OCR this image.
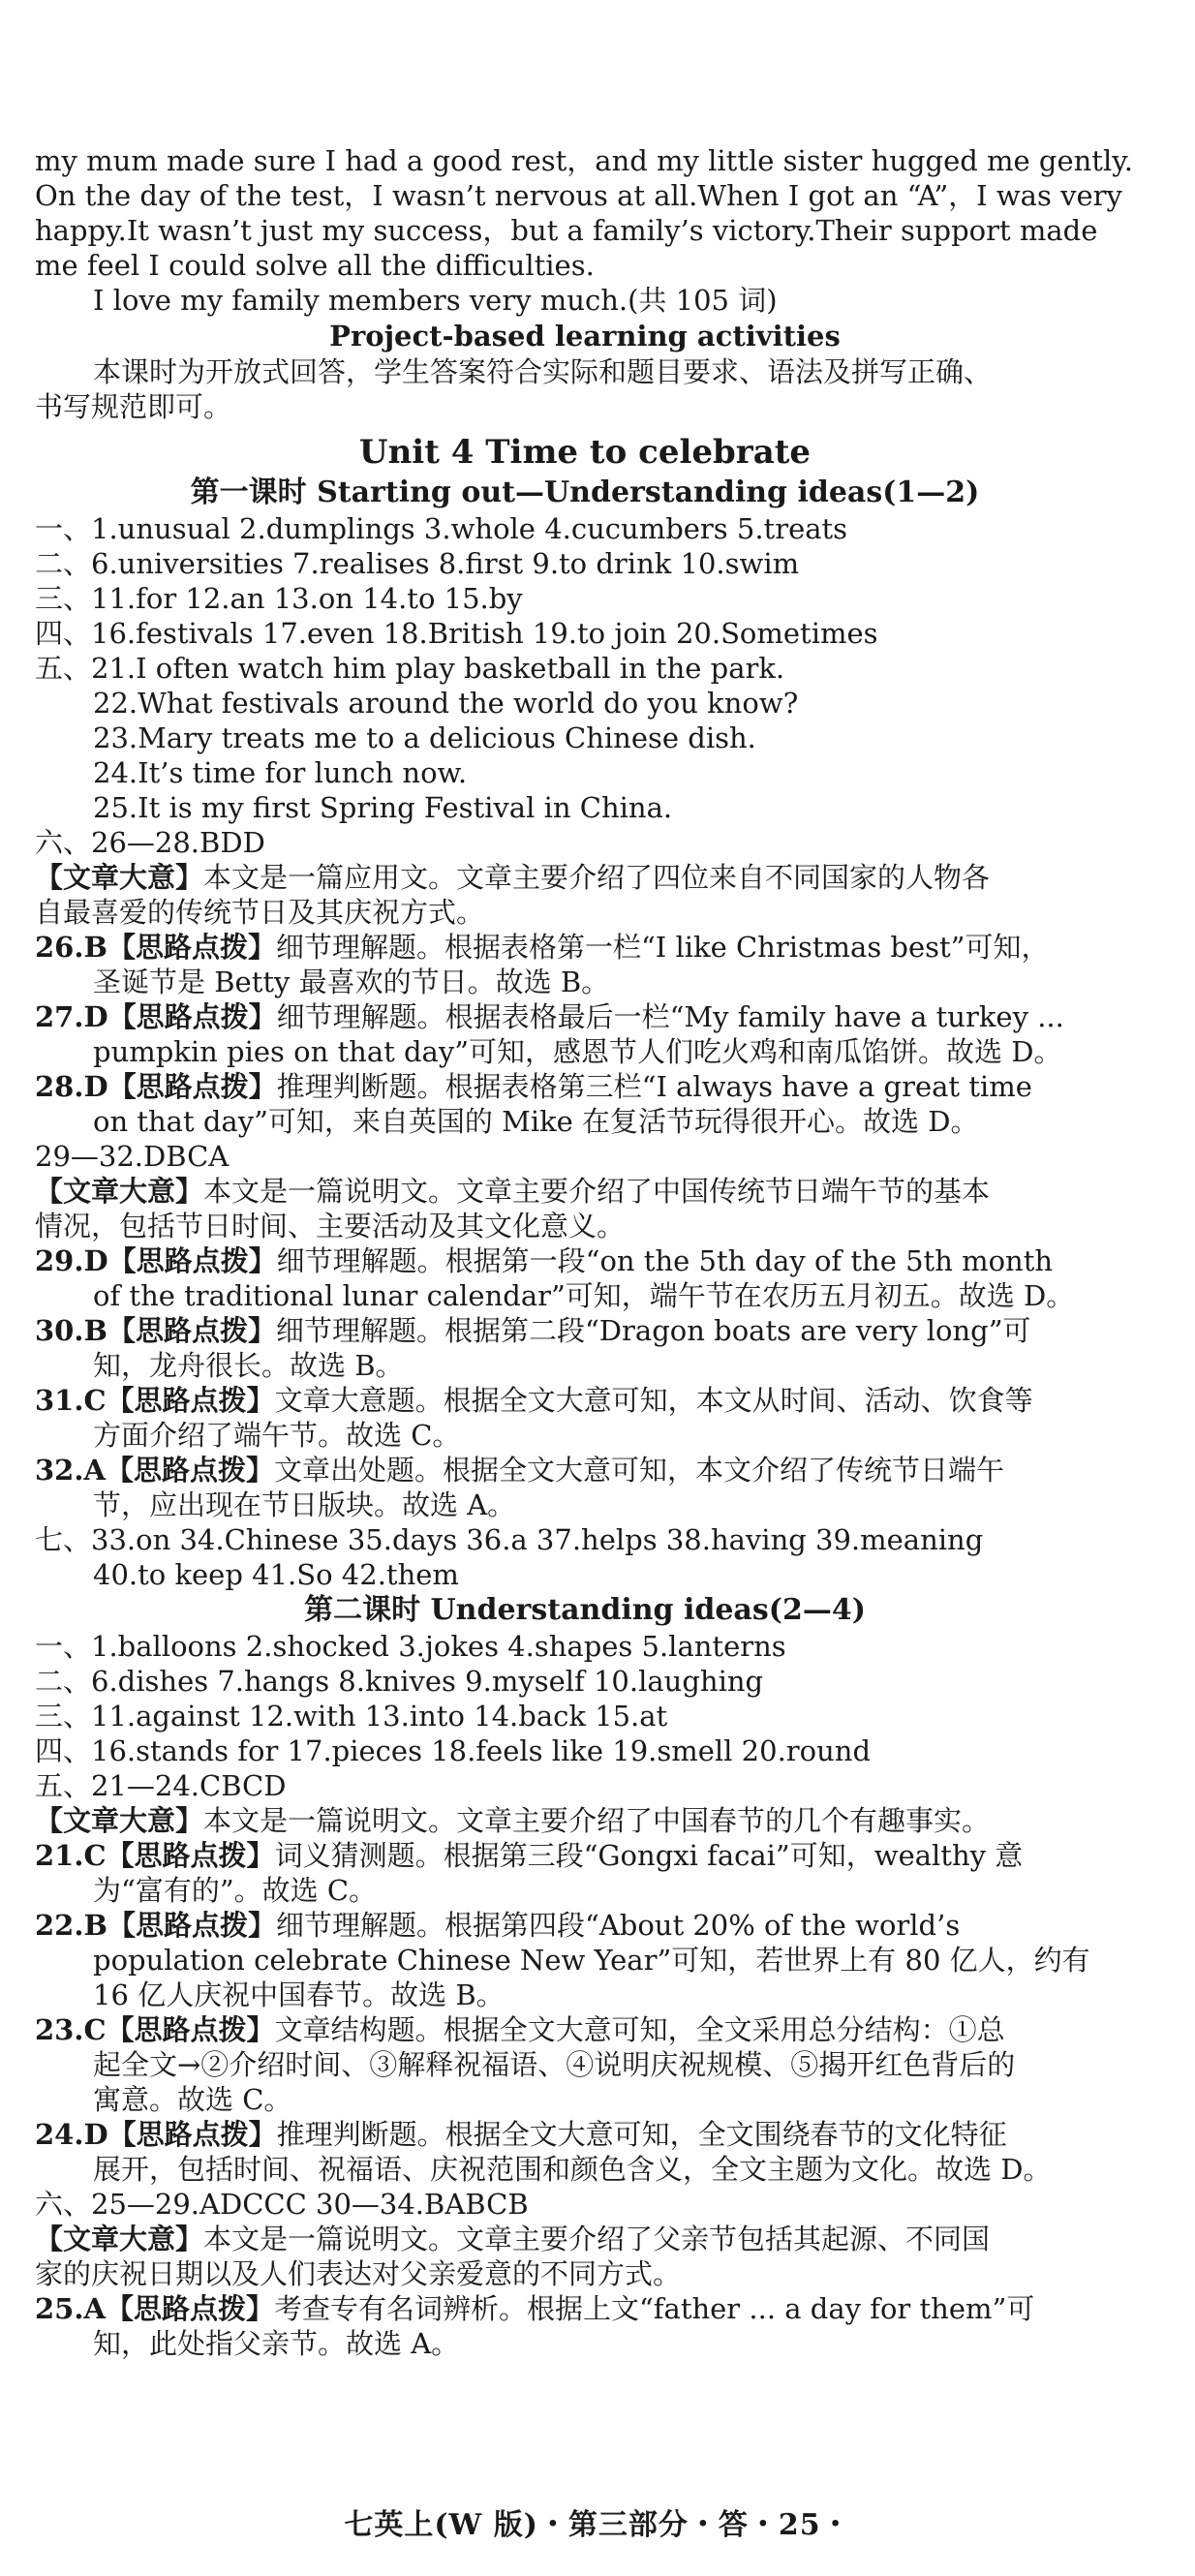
my mum made sure I had a good rest，and my little sister hugged me gently.
On the day of the test，I wasn’t nervous at all.When I got an “A”，I was very
happy.It wasn’t just my success，but a family’s victory.Their support made
me feel I could solve all the difficulties.
I love my family members very much.(共 105 词)
Project-based learning activities
本课时为开放式回答，学生答案符合实际和题目要求、语法及拼写正确、
书写规范即可。
Unit 4 Time to celebrate
第一课时 Starting out—Understanding ideas(1—2)
一、1.unusual 2.dumplings 3.whole 4.cucumbers 5.treats
二、6.universities 7.realises 8.first 9.to drink 10.swim
三、11.for 12.an 13.on 14.to 15.by
四、16.festivals 17.even 18.British 19.to join 20.Sometimes
五、21.I often watch him play basketball in the park.
22.What festivals around the world do you know?
23.Mary treats me to a delicious Chinese dish.
24.It’s time for lunch now.
25.It is my first Spring Festival in China.
六、26—28.BDD
【文章大意】本文是一篇应用文。文章主要介绍了四位来自不同国家的人物各
自最喜爱的传统节日及其庆祝方式。
26.B【思路点拨】细节理解题。根据表格第一栏“I like Christmas best”可知，
圣诞节是 Betty 最喜欢的节日。故选 B。
27.D【思路点拨】细节理解题。根据表格最后一栏“My family have a turkey ...
pumpkin pies on that day”可知，感恩节人们吃火鸡和南瓜馅饼。故选 D。
28.D【思路点拨】推理判断题。根据表格第三栏“I always have a great time
on that day”可知，来自英国的 Mike 在复活节玩得很开心。故选 D。
29—32.DBCA
【文章大意】本文是一篇说明文。文章主要介绍了中国传统节日端午节的基本
情况，包括节日时间、主要活动及其文化意义。
29.D【思路点拨】细节理解题。根据第一段“on the 5th day of the 5th month
of the traditional lunar calendar”可知，端午节在农历五月初五。故选 D。
30.B【思路点拨】细节理解题。根据第二段“Dragon boats are very long”可
知，龙舟很长。故选 B。
31.C【思路点拨】文章大意题。根据全文大意可知，本文从时间、活动、饮食等
方面介绍了端午节。故选 C。
32.A【思路点拨】文章出处题。根据全文大意可知，本文介绍了传统节日端午
节，应出现在节日版块。故选 A。
七、33.on 34.Chinese 35.days 36.a 37.helps 38.having 39.meaning
40.to keep 41.So 42.them
第二课时 Understanding ideas(2—4)
一、1.balloons 2.shocked 3.jokes 4.shapes 5.lanterns
二、6.dishes 7.hangs 8.knives 9.myself 10.laughing
三、11.against 12.with 13.into 14.back 15.at
四、16.stands for 17.pieces 18.feels like 19.smell 20.round
五、21—24.CBCD
【文章大意】本文是一篇说明文。文章主要介绍了中国春节的几个有趣事实。
21.C【思路点拨】词义猜测题。根据第三段“Gongxi facai”可知，wealthy 意
为“富有的”。故选 C。
22.B【思路点拨】细节理解题。根据第四段“About 20% of the world’s
population celebrate Chinese New Year”可知，若世界上有 80 亿人，约有
16 亿人庆祝中国春节。故选 B。
23.C【思路点拨】文章结构题。根据全文大意可知，全文采用总分结构：①总
起全文→②介绍时间、③解释祝福语、④说明庆祝规模、⑤揭开红色背后的
寓意。故选 C。
24.D【思路点拨】推理判断题。根据全文大意可知，全文围绕春节的文化特征
展开，包括时间、祝福语、庆祝范围和颜色含义，全文主题为文化。故选 D。
六、25—29.ADCCC 30—34.BABCB
【文章大意】本文是一篇说明文。文章主要介绍了父亲节包括其起源、不同国
家的庆祝日期以及人们表达对父亲爱意的不同方式。
25.A【思路点拨】考查专有名词辨析。根据上文“father ... a day for them”可
知，此处指父亲节。故选 A。
七英上(W 版)・第三部分・答・25・
